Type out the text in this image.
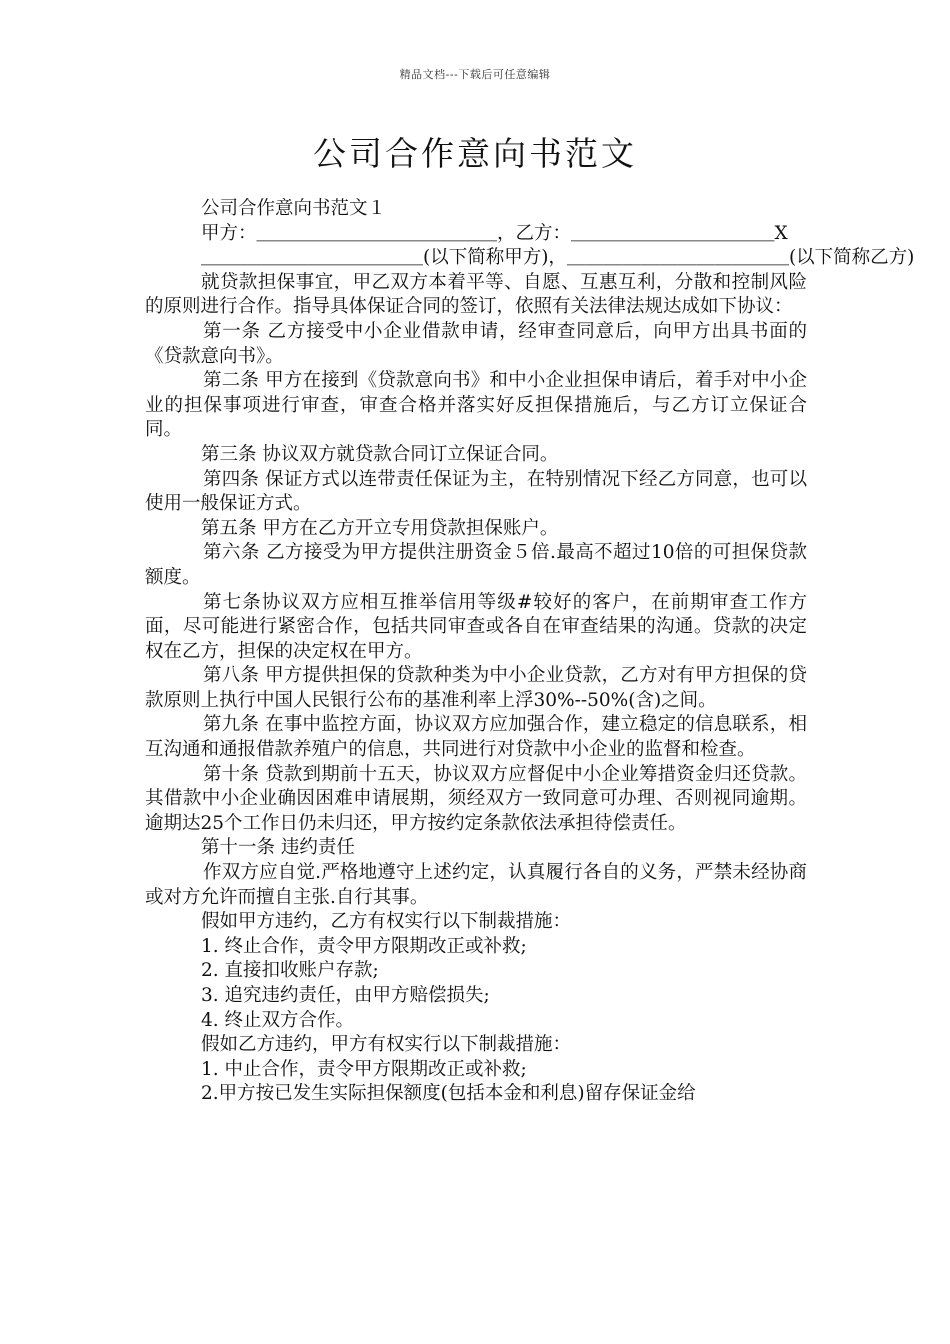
精品文档---下载后可任意编辑
公司合作意向书范文

公司合作意向书范文１

甲方：＿＿＿＿＿＿＿＿＿＿＿＿＿，乙方：＿＿＿＿＿＿＿＿＿＿＿X

＿＿＿＿＿＿＿＿＿＿＿＿(以下简称甲方)，＿＿＿＿＿＿＿＿＿＿＿＿(以下简称乙方)

就贷款担保事宜，甲乙双方本着平等、自愿、互惠互利，分散和控制风险的原则进行合作。指导具体保证合同的签订，依照有关法律法规达成如下协议：

第一条 乙方接受中小企业借款申请，经审查同意后，向甲方出具书面的《贷款意向书》。

第二条 甲方在接到《贷款意向书》和中小企业担保申请后，着手对中小企业的担保事项进行审查，审查合格并落实好反担保措施后，与乙方订立保证合同。

第三条 协议双方就贷款合同订立保证合同。

第四条 保证方式以连带责任保证为主，在特别情况下经乙方同意，也可以使用一般保证方式。

第五条 甲方在乙方开立专用贷款担保账户。

第六条 乙方接受为甲方提供注册资金５倍.最高不超过10倍的可担保贷款额度。

第七条协议双方应相互推举信用等级#较好的客户，在前期审查工作方面，尽可能进行紧密合作，包括共同审查或各自在审查结果的沟通。贷款的决定权在乙方，担保的决定权在甲方。

第八条 甲方提供担保的贷款种类为中小企业贷款，乙方对有甲方担保的贷款原则上执行中国人民银行公布的基准利率上浮30%--50%(含)之间。

第九条 在事中监控方面，协议双方应加强合作，建立稳定的信息联系，相互沟通和通报借款养殖户的信息，共同进行对贷款中小企业的监督和检查。

第十条 贷款到期前十五天，协议双方应督促中小企业筹措资金归还贷款。其借款中小企业确因困难申请展期，须经双方一致同意可办理、否则视同逾期。逾期达25个工作日仍未归还，甲方按约定条款依法承担待偿责任。

第十一条 违约责任

作双方应自觉.严格地遵守上述约定，认真履行各自的义务，严禁未经协商或对方允许而擅自主张.自行其事。

假如甲方违约，乙方有权实行以下制裁措施：

1. 终止合作，责令甲方限期改正或补救;

2. 直接扣收账户存款;

3. 追究违约责任，由甲方赔偿损失;

4. 终止双方合作。

假如乙方违约，甲方有权实行以下制裁措施：

1. 中止合作，责令甲方限期改正或补救;

2.甲方按已发生实际担保额度(包括本金和利息)留存保证金给
